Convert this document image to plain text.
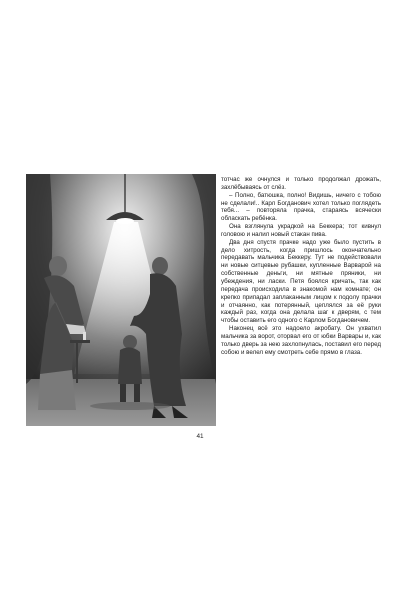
тотчас же очнулся и только продолжал дрожать, захлёбываясь от слёз.

– Полно, батюшка, полно! Видишь, ничего с тобою не сделали!.. Карл Богданович хотел только поглядеть тебя... – повторяла прачка, стараясь всячески обласкать ребёнка.

Она взглянула украдкой на Беккера; тот кивнул головою и налил новый стакан пива.

Два дня спустя прачке надо уже было пустить в дело хитрость, когда пришлось окончательно передавать мальчика Беккеру. Тут не подействовали ни новые ситцевые рубашки, купленные Варварой на собственные деньги, ни мятные пряники, ни убеждения, ни ласки. Петя боялся кричать, так как передача происходила в знакомой нам комнате; он крепко припадал заплаканным лицом к подолу прачки и отчаянно, как потерянный, цеплялся за её руки каждый раз, когда она делала шаг к дверям, с тем чтобы оставить его одного с Карлом Богдановичем.

Наконец всё это надоело акробату. Он ухватил мальчика за ворот, оторвал его от юбки Варвары и, как только дверь за нею захлопнулась, поставил его перед собою и велел ему смотреть себе прямо в глаза.

41
